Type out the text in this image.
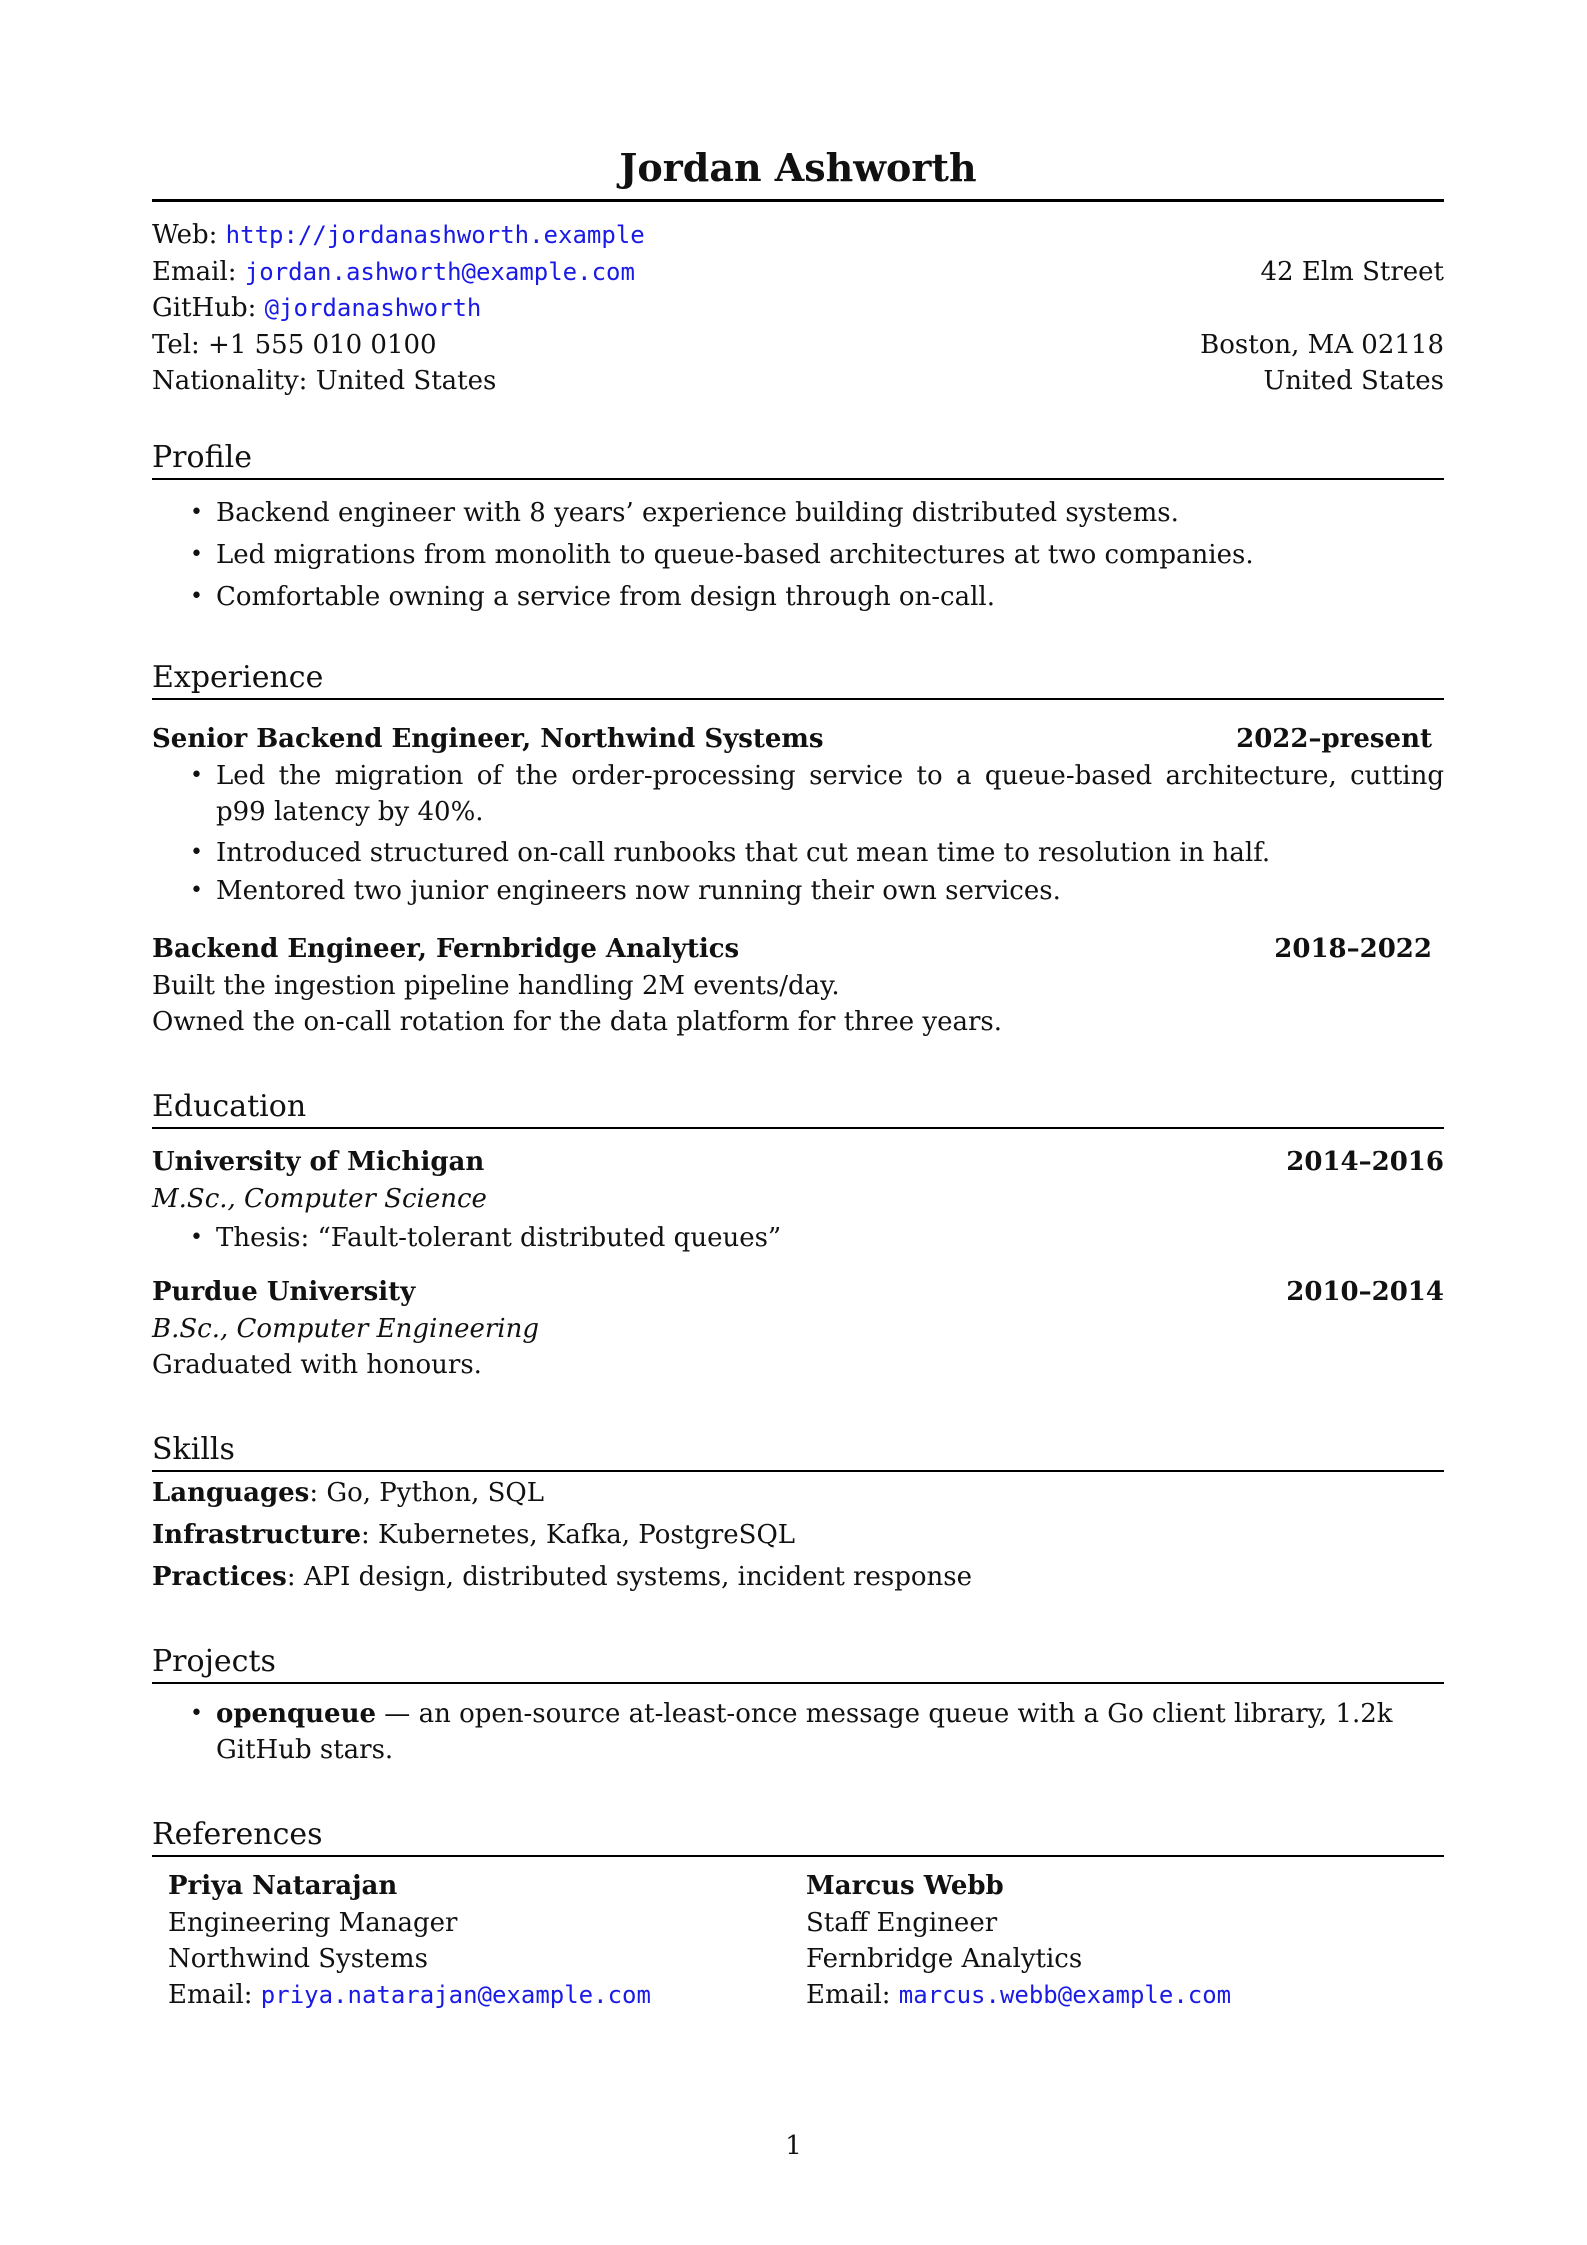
Jordan Ashworth
Web: http://jordanashworth.example
Email: jordan.ashworth@example.com	42 Elm Street
GitHub: @jordanashworth
Tel: +1 555 010 0100	Boston, MA 02118
Nationality: United States	United States
Profile
• Backend engineer with 8 years’ experience building distributed systems.
• Led migrations from monolith to queue-based architectures at two companies.
• Comfortable owning a service from design through on-call.
Experience
Senior Backend Engineer, Northwind Systems	2022–present
• Led the migration of the order-processing service to a queue-based architecture, cutting p99 latency by 40%.
• Introduced structured on-call runbooks that cut mean time to resolution in half.
• Mentored two junior engineers now running their own services.
Backend Engineer, Fernbridge Analytics	2018–2022
Built the ingestion pipeline handling 2M events/day.
Owned the on-call rotation for the data platform for three years.
Education
University of Michigan	2014–2016
M.Sc., Computer Science
• Thesis: “Fault-tolerant distributed queues”
Purdue University	2010–2014
B.Sc., Computer Engineering
Graduated with honours.
Skills
Languages: Go, Python, SQL
Infrastructure: Kubernetes, Kafka, PostgreSQL
Practices: API design, distributed systems, incident response
Projects
• openqueue — an open-source at-least-once message queue with a Go client library, 1.2k GitHub stars.
References
Priya Natarajan
Engineering Manager
Northwind Systems
Email: priya.natarajan@example.com
Marcus Webb
Staff Engineer
Fernbridge Analytics
Email: marcus.webb@example.com
1
